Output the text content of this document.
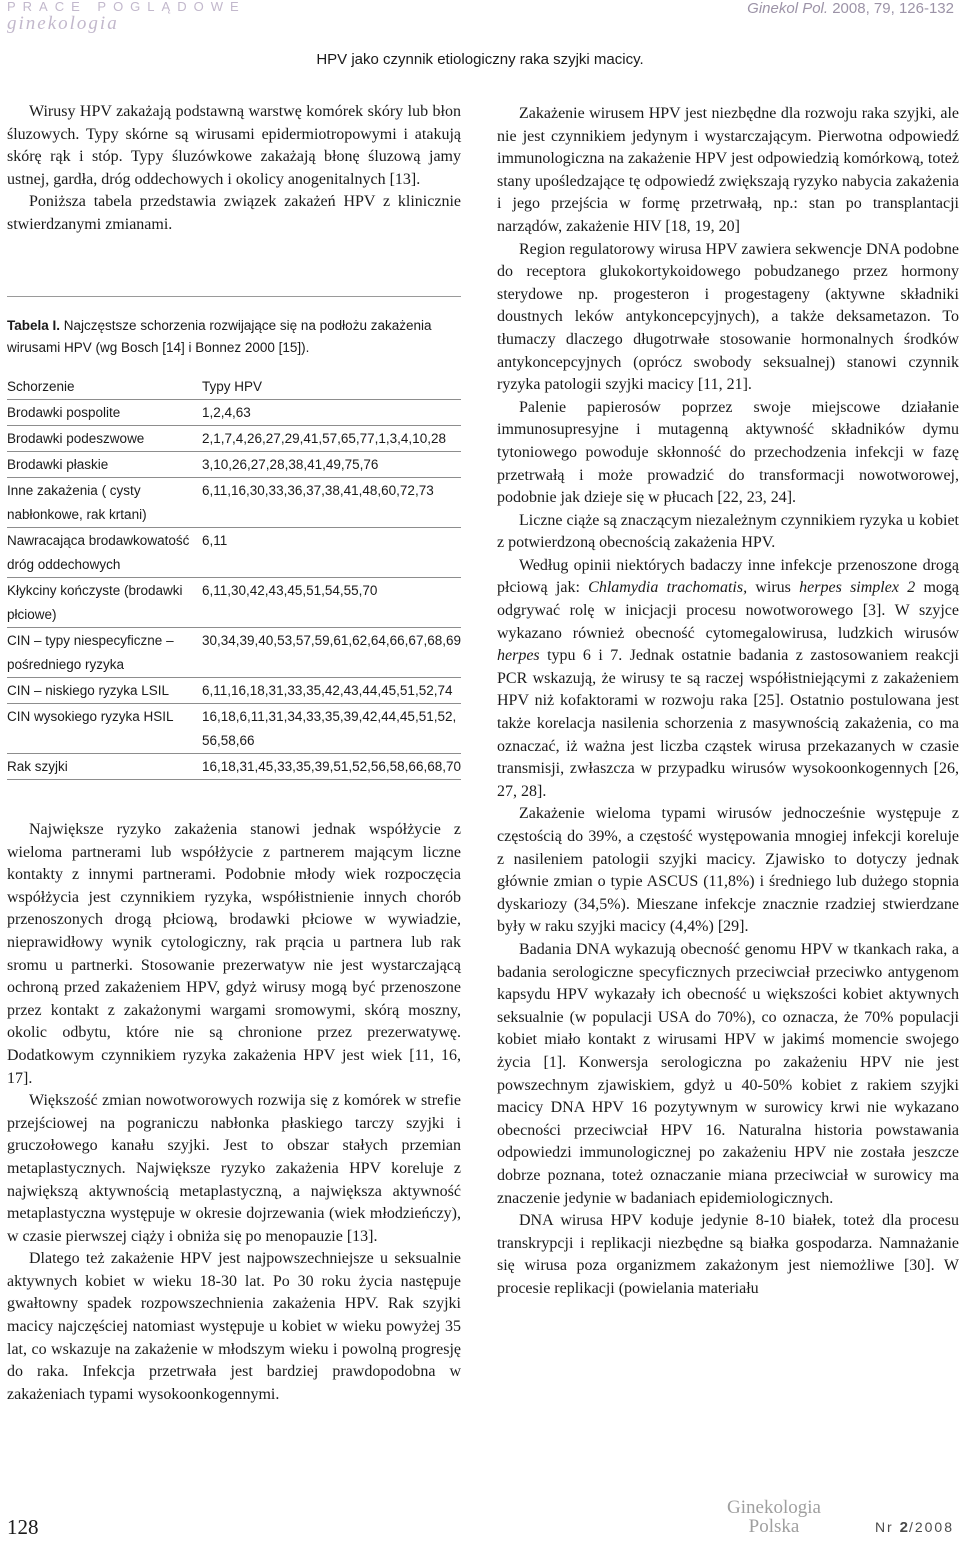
PRACE POGLĄDOWE
ginekologia
Ginekol Pol. 2008, 79, 126-132
HPV jako czynnik etiologiczny raka szyjki macicy.

Wirusy HPV zakażają podstawną warstwę komórek skóry lub błon śluzowych. Typy skórne są wirusami epidermiotropowymi i atakują skórę rąk i stóp. Typy śluzówkowe zakażają błonę śluzową jamy ustnej, gardła, dróg oddechowych i okolicy anogenitalnych [13].

Poniższa tabela przedstawia związek zakażeń HPV z klinicznie stwierdzanymi zmianami.

Tabela I. Najczęstsze schorzenia rozwijające się na podłożu zakażenia wirusami HPV (wg Bosch [14] i Bonnez 2000 [15]).
Schorzenie	Typy HPV
Brodawki pospolite	1,2,4,63
Brodawki podeszwowe	2,1,7,4,26,27,29,41,57,65,77,1,3,4,10,28
Brodawki płaskie	3,10,26,27,28,38,41,49,75,76
Inne zakażenia ( cysty nabłonkowe, rak krtani)	6,11,16,30,33,36,37,38,41,48,60,72,73
Nawracająca brodawkowatość dróg oddechowych	6,11
Kłykciny kończyste (brodawki płciowe)	6,11,30,42,43,45,51,54,55,70
CIN – typy niespecyficzne – pośredniego ryzyka	30,34,39,40,53,57,59,61,62,64,66,67,68,69
CIN – niskiego ryzyka LSIL	6,11,16,18,31,33,35,42,43,44,45,51,52,74
CIN wysokiego ryzyka HSIL	16,18,6,11,31,34,33,35,39,42,44,45,51,52, 56,58,66
Rak szyjki	16,18,31,45,33,35,39,51,52,56,58,66,68,70

Największe ryzyko zakażenia stanowi jednak współżycie z wieloma partnerami lub współżycie z partnerem mającym liczne kontakty z innymi partnerami. Podobnie młody wiek rozpoczęcia współżycia jest czynnikiem ryzyka, współistnienie innych chorób przenoszonych drogą płciową, brodawki płciowe w wywiadzie, nieprawidłowy wynik cytologiczny, rak prącia u partnera lub rak sromu u partnerki. Stosowanie prezerwatyw nie jest wystarczającą ochroną przed zakażeniem HPV, gdyż wirusy mogą być przenoszone przez kontakt z zakażonymi wargami sromowymi, skórą moszny, okolic odbytu, które nie są chronione przez prezerwatywę. Dodatkowym czynnikiem ryzyka zakażenia HPV jest wiek [11, 16, 17].

Większość zmian nowotworowych rozwija się z komórek w strefie przejściowej na pograniczu nabłonka płaskiego tarczy szyjki i gruczołowego kanału szyjki. Jest to obszar stałych przemian metaplastycznych. Największe ryzyko zakażenia HPV koreluje z największą aktywnością metaplastyczną, a największa aktywność metaplastyczna występuje w okresie dojrzewania (wiek młodzieńczy), w czasie pierwszej ciąży i obniża się po menopauzie [13].

Dlatego też zakażenie HPV jest najpowszechniejsze u seksualnie aktywnych kobiet w wieku 18-30 lat. Po 30 roku życia następuje gwałtowny spadek rozpowszechnienia zakażenia HPV. Rak szyjki macicy najczęściej natomiast występuje u kobiet w wieku powyżej 35 lat, co wskazuje na zakażenie w młodszym wieku i powolną progresję do raka. Infekcja przetrwała jest bardziej prawdopodobna w zakażeniach typami wysokoonkogennymi.

Zakażenie wirusem HPV jest niezbędne dla rozwoju raka szyjki, ale nie jest czynnikiem jedynym i wystarczającym. Pierwotna odpowiedź immunologiczna na zakażenie HPV jest odpowiedzią komórkową, toteż stany upośledzające tę odpowiedź zwiększają ryzyko nabycia zakażenia i jego przejścia w formę przetrwałą, np.: stan po transplantacji narządów, zakażenie HIV [18, 19, 20]

Region regulatorowy wirusa HPV zawiera sekwencje DNA podobne do receptora glukokortykoidowego pobudzanego przez hormony sterydowe np. progesteron i progestageny (aktywne składniki doustnych leków antykoncepcyjnych), a także deksametazon. To tłumaczy dlaczego długotrwałe stosowanie hormonalnych środków antykoncepcyjnych (oprócz swobody seksualnej) stanowi czynnik ryzyka patologii szyjki macicy [11, 21].

Palenie papierosów poprzez swoje miejscowe działanie immunosupresyjne i mutagenną aktywność składników dymu tytoniowego powoduje skłonność do przechodzenia infekcji w fazę przetrwałą i może prowadzić do transformacji nowotworowej, podobnie jak dzieje się w płucach [22, 23, 24].

Liczne ciąże są znaczącym niezależnym czynnikiem ryzyka u kobiet z potwierdzoną obecnością zakażenia HPV.

Według opinii niektórych badaczy inne infekcje przenoszone drogą płciową jak: Chlamydia trachomatis, wirus herpes simplex 2 mogą odgrywać rolę w inicjacji procesu nowotworowego [3]. W szyjce wykazano również obecność cytomegalowirusa, ludzkich wirusów herpes typu 6 i 7. Jednak ostatnie badania z zastosowaniem reakcji PCR wskazują, że wirusy te są raczej współistniejącymi z zakażeniem HPV niż kofaktorami w rozwoju raka [25]. Ostatnio postulowana jest także korelacja nasilenia schorzenia z masywnością zakażenia, co ma oznaczać, iż ważna jest liczba cząstek wirusa przekazanych w czasie transmisji, zwłaszcza w przypadku wirusów wysokoonkogennych [26, 27, 28].

Zakażenie wieloma typami wirusów jednocześnie występuje z częstością do 39%, a częstość występowania mnogiej infekcji koreluje z nasileniem patologii szyjki macicy. Zjawisko to dotyczy jednak głównie zmian o typie ASCUS (11,8%) i średniego lub dużego stopnia dyskariozy (34,5%). Mieszane infekcje znacznie rzadziej stwierdzane były w raku szyjki macicy (4,4%) [29].

Badania DNA wykazują obecność genomu HPV w tkankach raka, a badania serologiczne specyficznych przeciwciał przeciwko antygenom kapsydu HPV wykazały ich obecność u większości kobiet aktywnych seksualnie (w populacji USA do 70%), co oznacza, że 70% populacji kobiet miało kontakt z wirusami HPV w jakimś momencie swojego życia [1]. Konwersja serologiczna po zakażeniu HPV nie jest powszechnym zjawiskiem, gdyż u 40-50% kobiet z rakiem szyjki macicy DNA HPV 16 pozytywnym w surowicy krwi nie wykazano obecności przeciwciał HPV 16. Naturalna historia powstawania odpowiedzi immunologicznej po zakażeniu HPV nie została jeszcze dobrze poznana, toteż oznaczanie miana przeciwciał w surowicy ma znaczenie jedynie w badaniach epidemiologicznych.

DNA wirusa HPV koduje jedynie 8-10 białek, toteż dla procesu transkrypcji i replikacji niezbędne są białka gospodarza. Namnażanie się wirusa poza organizmem zakażonym jest niemożliwe [30]. W procesie replikacji (powielania materiału

128
Ginekologia
Polska	Nr 2/2008
